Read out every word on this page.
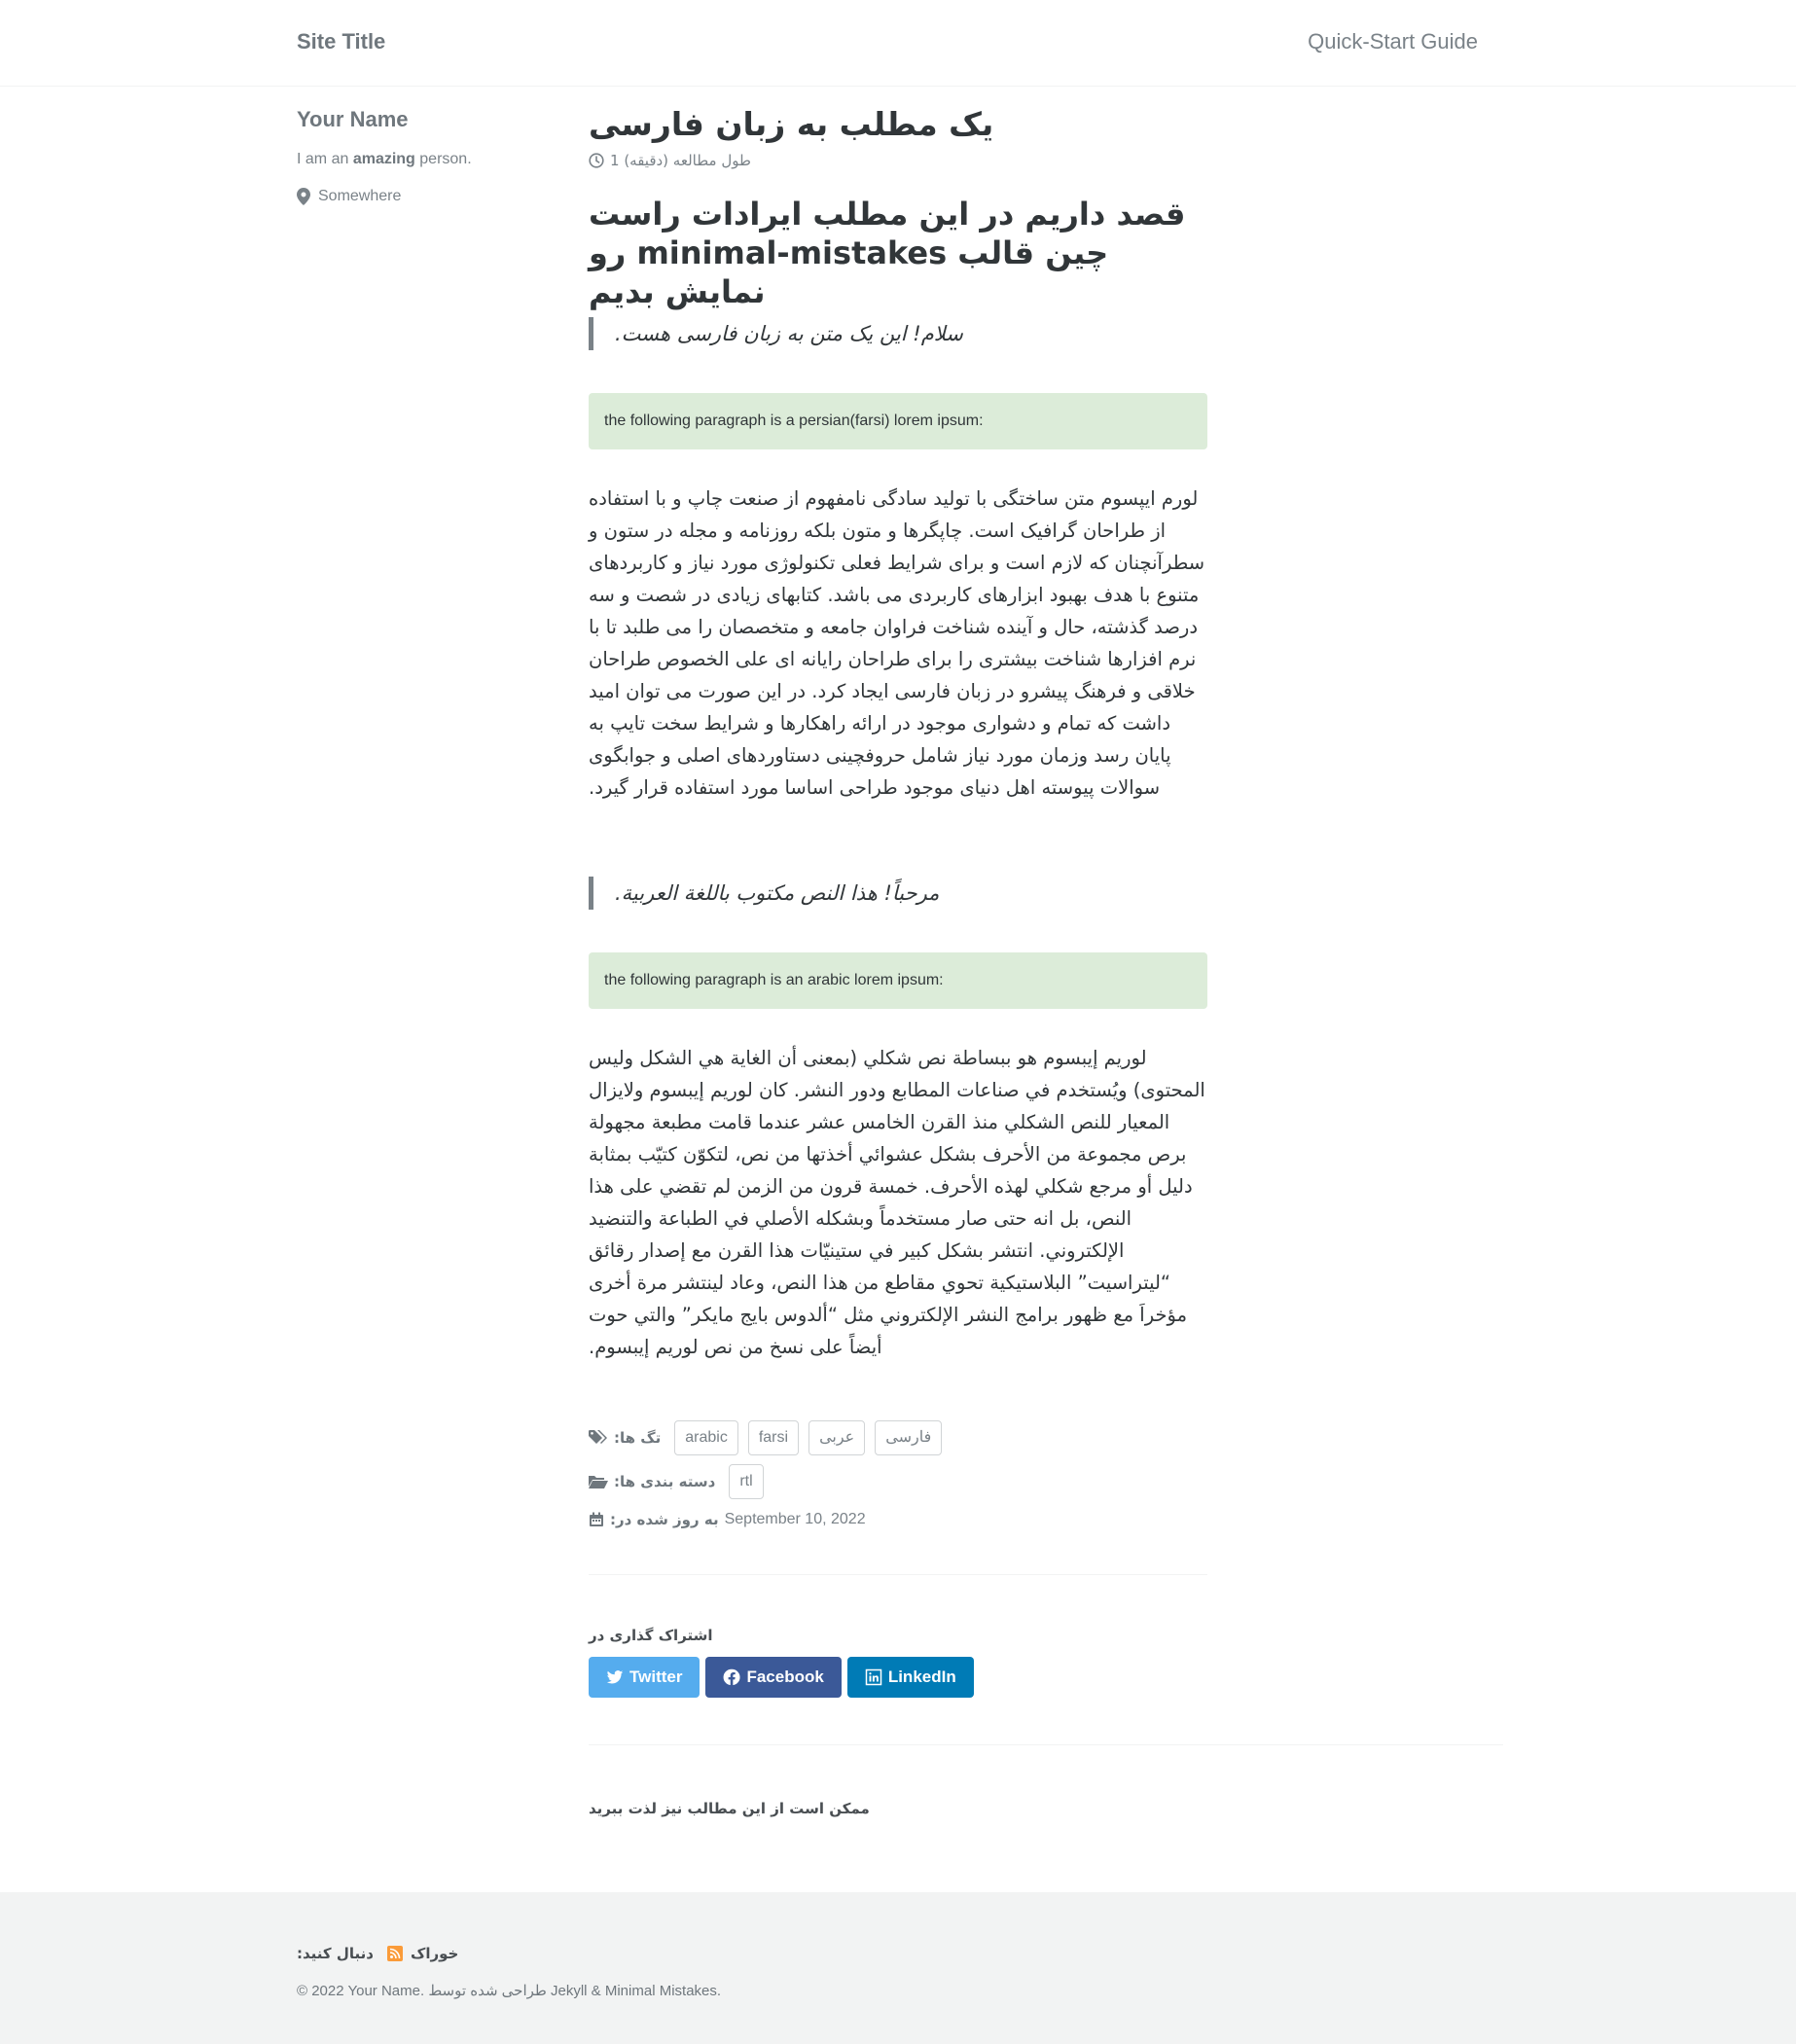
Site Title	Quick-Start Guide
Your Name
I am an amazing person.
Somewhere
یک مطلب به زبان فارسی
طول مطالعه (دقیقه) 1
قصد داریم در این مطلب ایرادات راست چین قالب minimal-mistakes رو نمایش بدیم
سلام! این یک متن به زبان فارسی هست.
the following paragraph is a persian(farsi) lorem ipsum:

لورم ایپسوم متن ساختگی با تولید سادگی نامفهوم از صنعت چاپ و با استفاده از طراحان گرافیک است. چاپگرها و متون بلکه روزنامه و مجله در ستون و سطرآنچنان که لازم است و برای شرایط فعلی تکنولوژی مورد نیاز و کاربردهای متنوع با هدف بهبود ابزارهای کاربردی می باشد. کتابهای زیادی در شصت و سه درصد گذشته، حال و آینده شناخت فراوان جامعه و متخصصان را می طلبد تا با نرم افزارها شناخت بیشتری را برای طراحان رایانه ای علی الخصوص طراحان خلاقی و فرهنگ پیشرو در زبان فارسی ایجاد کرد. در این صورت می توان امید داشت که تمام و دشواری موجود در ارائه راهکارها و شرایط سخت تایپ به پایان رسد وزمان مورد نیاز شامل حروفچینی دستاوردهای اصلی و جوابگوی سوالات پیوسته اهل دنیای موجود طراحی اساسا مورد استفاده قرار گیرد.

مرحباً! هذا النص مكتوب باللغة العربية.
the following paragraph is an arabic lorem ipsum:

لوريم إيبسوم هو ببساطة نص شكلي (بمعنى أن الغاية هي الشكل وليس المحتوى) ويُستخدم في صناعات المطابع ودور النشر. كان لوريم إيبسوم ولايزال المعيار للنص الشكلي منذ القرن الخامس عشر عندما قامت مطبعة مجهولة برص مجموعة من الأحرف بشكل عشوائي أخذتها من نص، لتكوّن كتيّب بمثابة دليل أو مرجع شكلي لهذه الأحرف. خمسة قرون من الزمن لم تقضي على هذا النص، بل انه حتى صار مستخدماً وبشكله الأصلي في الطباعة والتنضيد الإلكتروني. انتشر بشكل كبير في ستينيّات هذا القرن مع إصدار رقائق “ليتراسيت” البلاستيكية تحوي مقاطع من هذا النص، وعاد لينتشر مرة أخرى مؤخراَ مع ظهور برامج النشر الإلكتروني مثل “ألدوس بايج مايكر” والتي حوت أيضاً على نسخ من نص لوريم إيبسوم.

تگ ها:	arabic	farsi	عربی	فارسی
دسته بندی ها:	rtl
به روز شده در: September 10, 2022
اشتراک گذاری در
Twitter	Facebook	LinkedIn
ممکن است از این مطالب نیز لذت ببرید
دنبال کنید:	خوراک
© 2022 Your Name. طراحی شده توسط Jekyll & Minimal Mistakes.
